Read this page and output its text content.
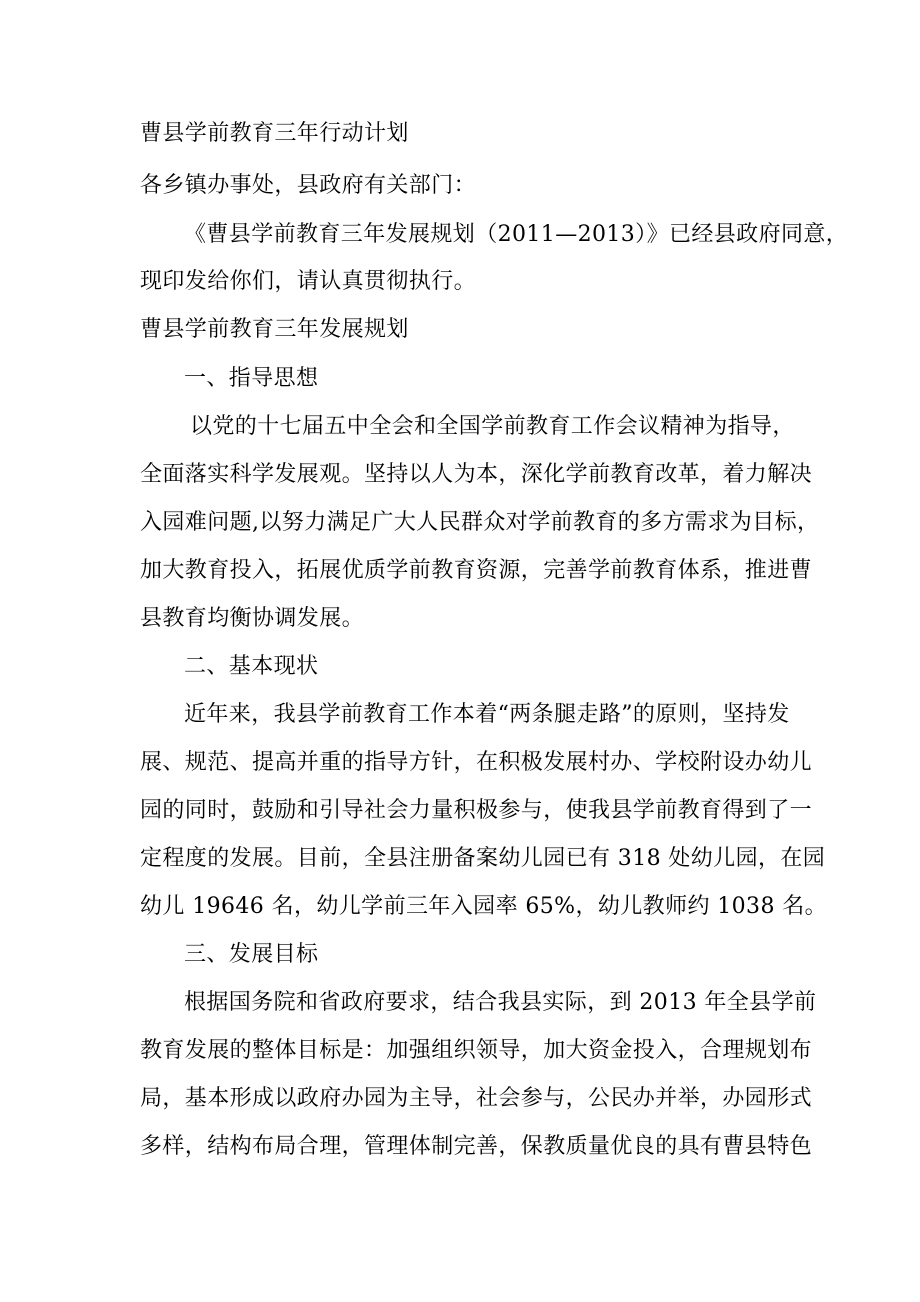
曹县学前教育三年行动计划
各乡镇办事处，县政府有关部门：
《曹县学前教育三年发展规划（2011—2013）》已经县政府同意，
现印发给你们，请认真贯彻执行。
曹县学前教育三年发展规划
一、指导思想
以党的十七届五中全会和全国学前教育工作会议精神为指导，
全面落实科学发展观。坚持以人为本，深化学前教育改革，着力解决
入园难问题,以努力满足广大人民群众对学前教育的多方需求为目标，
加大教育投入，拓展优质学前教育资源，完善学前教育体系，推进曹
县教育均衡协调发展。
二、基本现状
近年来，我县学前教育工作本着“两条腿走路”的原则，坚持发
展、规范、提高并重的指导方针，在积极发展村办、学校附设办幼儿
园的同时，鼓励和引导社会力量积极参与，使我县学前教育得到了一
定程度的发展。目前，全县注册备案幼儿园已有 318 处幼儿园，在园
幼儿 19646 名，幼儿学前三年入园率 65%，幼儿教师约 1038 名。
三、发展目标
根据国务院和省政府要求，结合我县实际，到 2013 年全县学前
教育发展的整体目标是：加强组织领导，加大资金投入，合理规划布
局，基本形成以政府办园为主导，社会参与，公民办并举，办园形式
多样，结构布局合理，管理体制完善，保教质量优良的具有曹县特色
